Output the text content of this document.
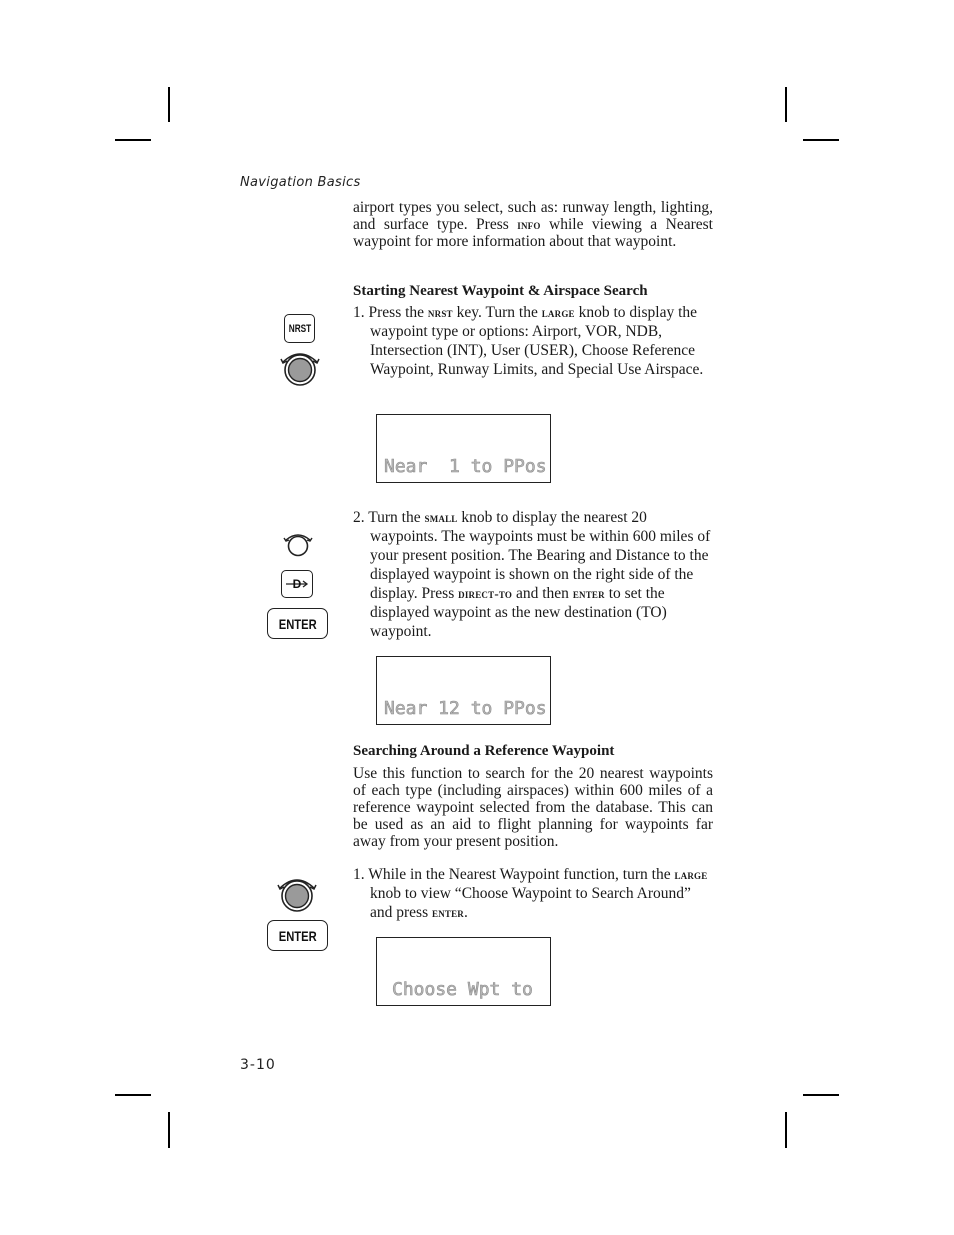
Navigation Basics
airport types you select, such as: runway length, lighting, and surface type. Press info while viewing a Nearest waypoint for more information about that waypoint.
Starting Nearest Waypoint & Airspace Search
1. Press the nrst key. Turn the large knob to display the waypoint type or options: Airport, VOR, NDB, Intersection (INT), User (USER), Choose Reference Waypoint, Runway Limits, and Special Use Airspace.
NRST

Near  1 to PPos

2. Turn the small knob to display the nearest 20 waypoints. The waypoints must be within 600 miles of your present position. The Bearing and Distance to the displayed waypoint is shown on the right side of the display. Press direct-to and then enter to set the displayed waypoint as the new destination (TO) waypoint.
D
ENTER

Near 12 to PPos

Searching Around a Reference Waypoint
Use this function to search for the 20 nearest waypoints of each type (including airspaces) within 600 miles of a reference waypoint selected from the database. This can be used as an aid to flight planning for waypoints far away from your present position.
1. While in the Nearest Waypoint function, turn the large knob to view “Choose Waypoint to Search Around” and press enter.
ENTER

Choose Wpt to

3-10
